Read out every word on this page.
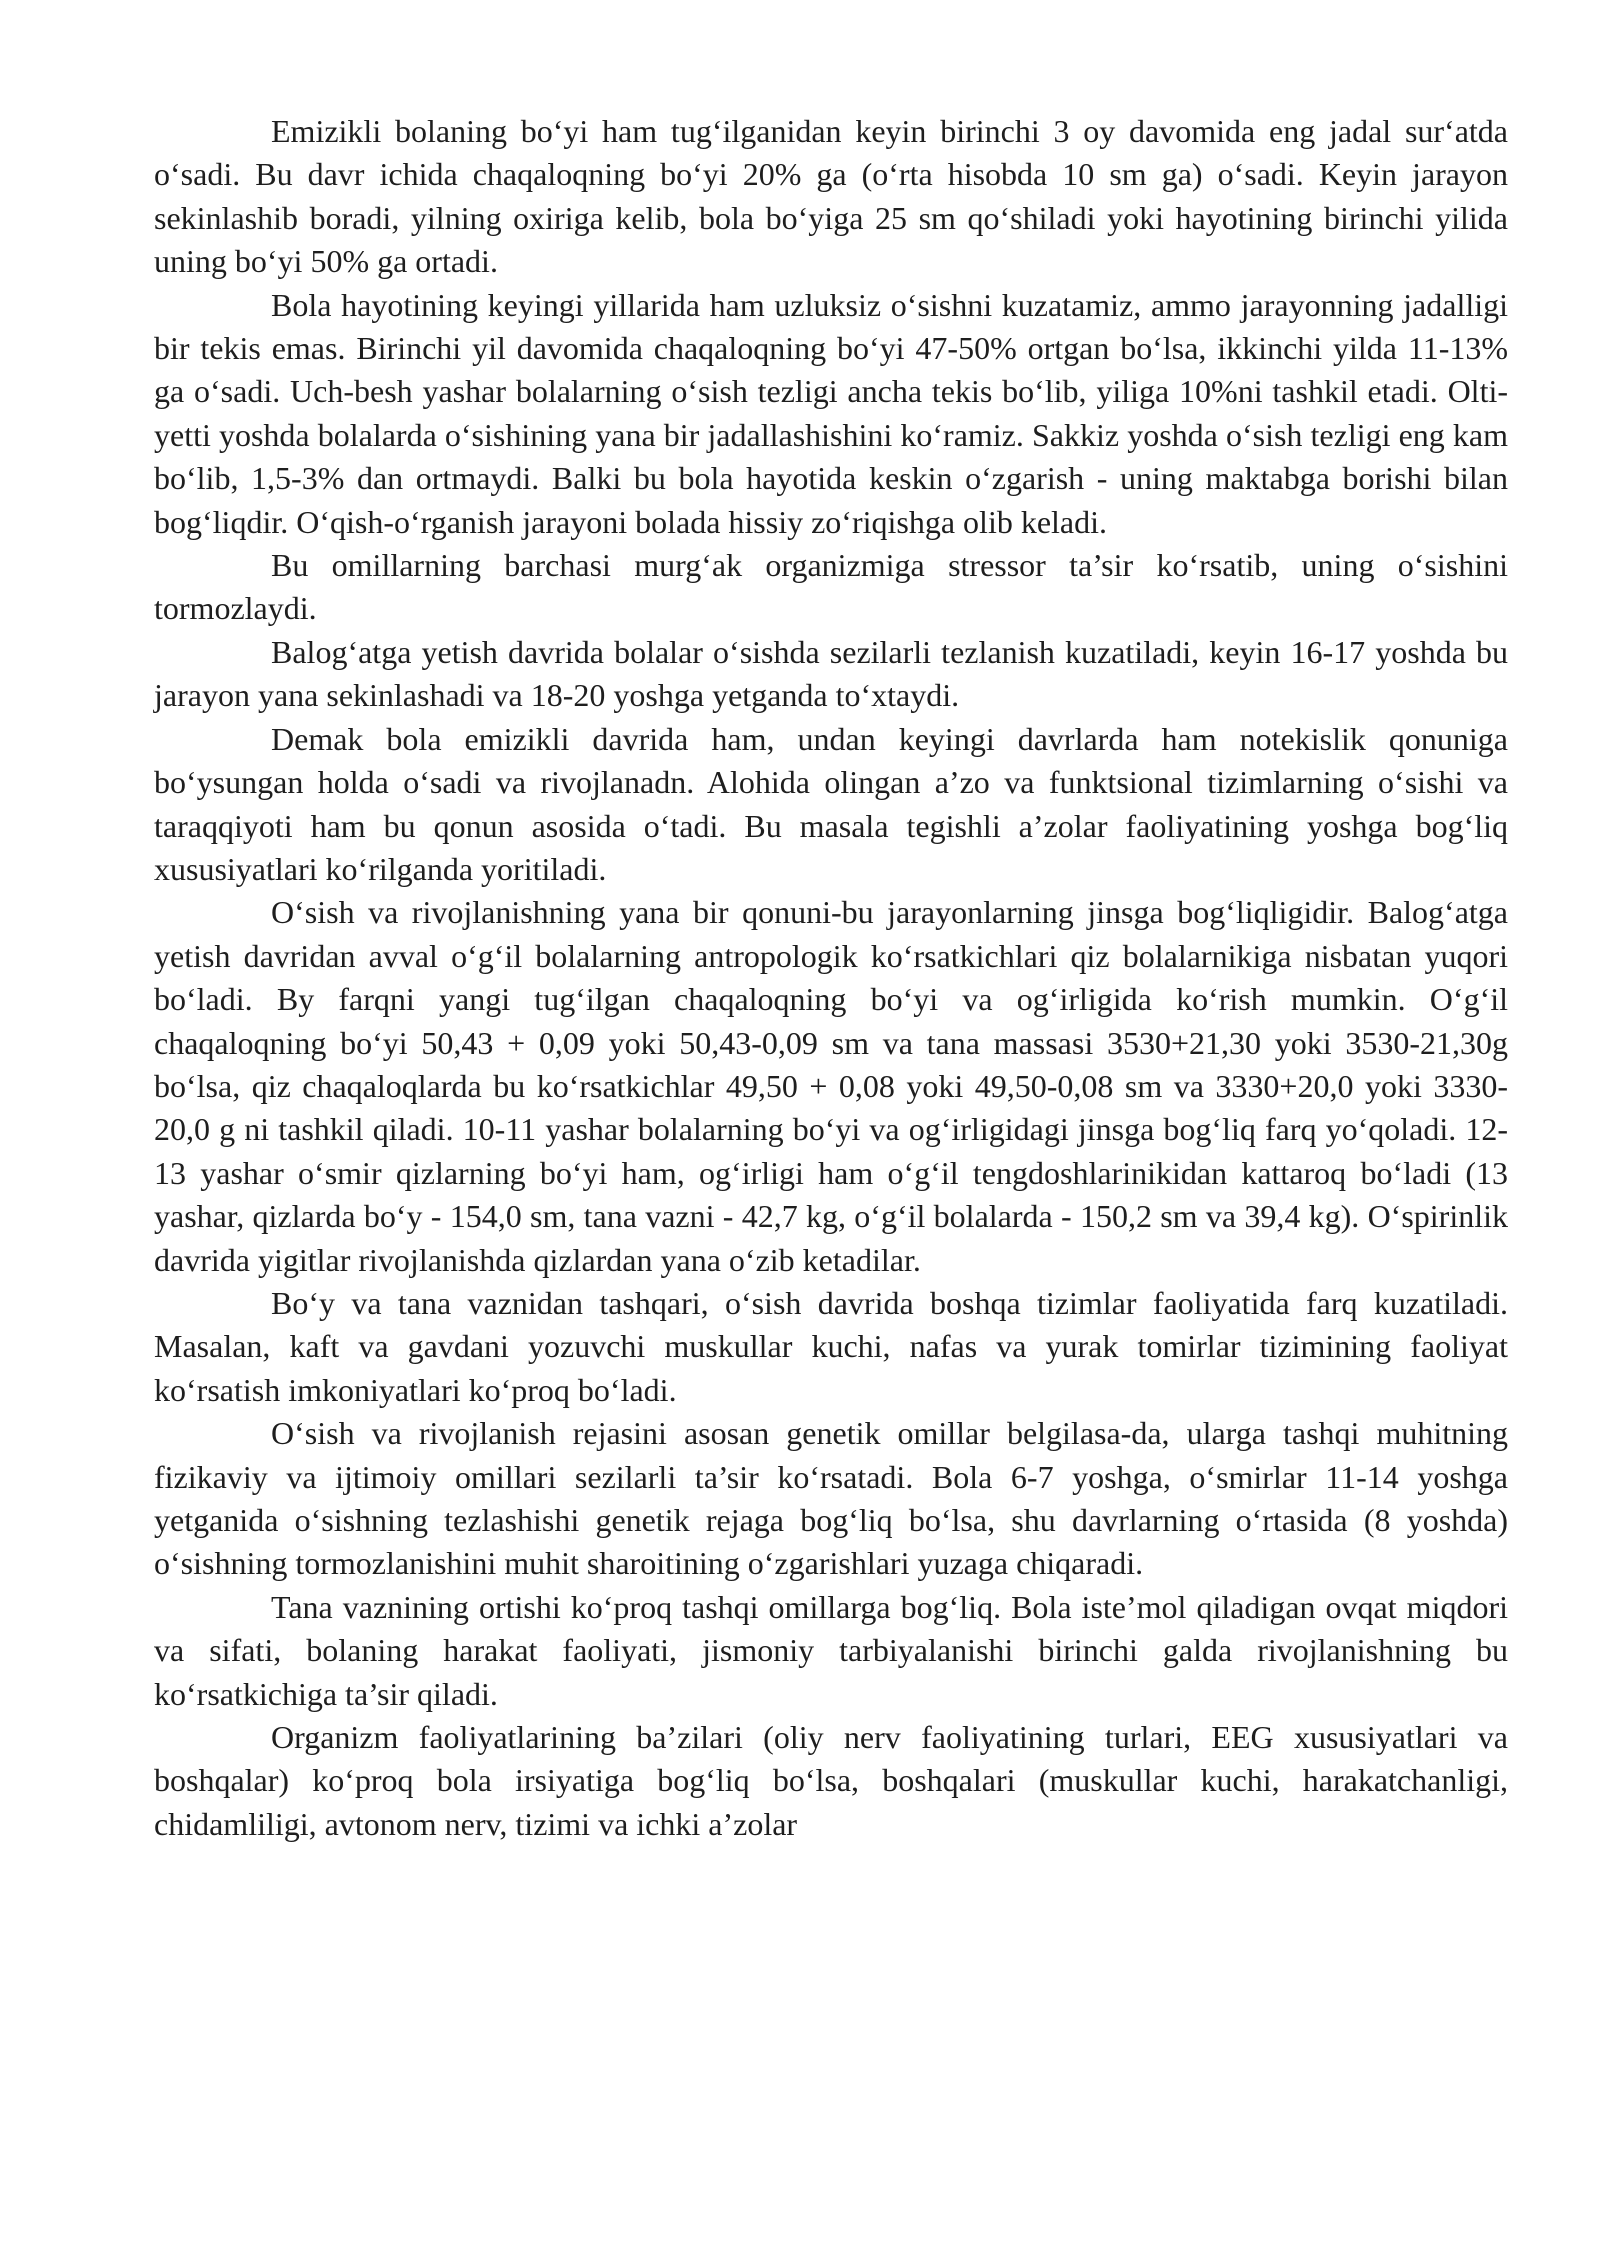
Emizikli bolaning bo‘yi ham tug‘ilganidan keyin birinchi 3 oy davomida eng jadal sur‘atda o‘sadi. Bu davr ichida chaqaloqning bo‘yi 20% ga (o‘rta hisobda 10 sm ga) o‘sadi. Keyin jarayon sekinlashib boradi, yilning oxiriga kelib, bola bo‘yiga 25 sm qo‘shiladi yoki hayotining birinchi yilida uning bo‘yi 50% ga ortadi.

Bola hayotining keyingi yillarida ham uzluksiz o‘sishni kuzatamiz, ammo jarayonning jadalligi bir tekis emas. Birinchi yil davomida chaqaloqning bo‘yi 47-50% ortgan bo‘lsa, ikkinchi yilda 11-13% ga o‘sadi. Uch-besh yashar bolalarning o‘sish tezligi ancha tekis bo‘lib, yiliga 10%ni tashkil etadi. Olti-yetti yoshda bolalarda o‘sishining yana bir jadallashishini ko‘ramiz. Sakkiz yoshda o‘sish tezligi eng kam bo‘lib, 1,5-3% dan ortmaydi. Balki bu bola hayotida keskin o‘zgarish - uning maktabga borishi bilan bog‘liqdir. O‘qish-o‘rganish jarayoni bolada hissiy zo‘riqishga olib keladi.

Bu omillarning barchasi murg‘ak organizmiga stressor ta’sir ko‘rsatib, uning o‘sishini tormozlaydi.

Balog‘atga yetish davrida bolalar o‘sishda sezilarli tezlanish kuzatiladi, keyin 16-17 yoshda bu jarayon yana sekinlashadi va 18-20 yoshga yetganda to‘xtaydi.

Demak bola emizikli davrida ham, undan keyingi davrlarda ham notekislik qonuniga bo‘ysungan holda o‘sadi va rivojlanadn. Alohida olingan a’zo va funktsional tizimlarning o‘sishi va taraqqiyoti ham bu qonun asosida o‘tadi. Bu masala tegishli a’zolar faoliyatining yoshga bog‘liq xususiyatlari ko‘rilganda yoritiladi.

O‘sish va rivojlanishning yana bir qonuni-bu jarayonlarning jinsga bog‘liqligidir. Balog‘atga yetish davridan avval o‘g‘il bolalarning antropologik ko‘rsatkichlari qiz bolalarnikiga nisbatan yuqori bo‘ladi. By farqni yangi tug‘ilgan chaqaloqning bo‘yi va og‘irligida ko‘rish mumkin. O‘g‘il chaqaloqning bo‘yi 50,43 + 0,09 yoki 50,43-0,09 sm va tana massasi 3530+21,30 yoki 3530-21,30g bo‘lsa, qiz chaqaloqlarda bu ko‘rsatkichlar 49,50 + 0,08 yoki 49,50-0,08 sm va 3330+20,0 yoki 3330-20,0 g ni tashkil qiladi. 10-11 yashar bolalarning bo‘yi va og‘irligidagi jinsga bog‘liq farq yo‘qoladi. 12-13 yashar o‘smir qizlarning bo‘yi ham, og‘irligi ham o‘g‘il tengdoshlarinikidan kattaroq bo‘ladi (13 yashar, qizlarda bo‘y - 154,0 sm, tana vazni - 42,7 kg, o‘g‘il bolalarda - 150,2 sm va 39,4 kg). O‘spirinlik davrida yigitlar rivojlanishda qizlardan yana o‘zib ketadilar.

Bo‘y va tana vaznidan tashqari, o‘sish davrida boshqa tizimlar faoliyatida farq kuzatiladi. Masalan, kaft va gavdani yozuvchi muskullar kuchi, nafas va yurak tomirlar tizimining faoliyat ko‘rsatish imkoniyatlari ko‘proq bo‘ladi.

O‘sish va rivojlanish rejasini asosan genetik omillar belgilasa-da, ularga tashqi muhitning fizikaviy va ijtimoiy omillari sezilarli ta’sir ko‘rsatadi. Bola 6-7 yoshga, o‘smirlar 11-14 yoshga yetganida o‘sishning tezlashishi genetik rejaga bog‘liq bo‘lsa, shu davrlarning o‘rtasida (8 yoshda) o‘sishning tormozlanishini muhit sharoitining o‘zgarishlari yuzaga chiqaradi.

Tana vaznining ortishi ko‘proq tashqi omillarga bog‘liq. Bola iste’mol qiladigan ovqat miqdori va sifati, bolaning harakat faoliyati, jismoniy tarbiyalanishi birinchi galda rivojlanishning bu ko‘rsatkichiga ta’sir qiladi.

Organizm faoliyatlarining ba’zilari (oliy nerv faoliyatining turlari, EEG xususiyatlari va boshqalar) ko‘proq bola irsiyatiga bog‘liq bo‘lsa, boshqalari (muskullar kuchi, harakatchanligi, chidamliligi, avtonom nerv, tizimi va ichki a’zolar
